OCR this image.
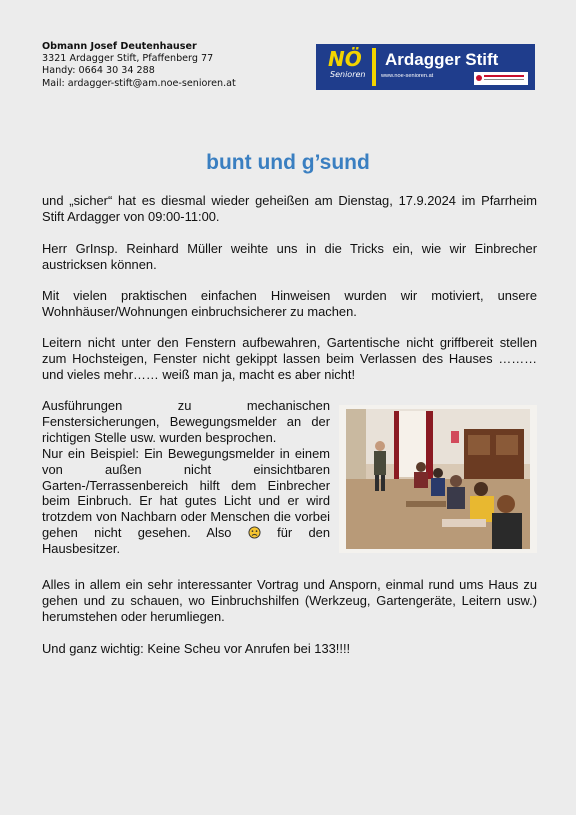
Obmann Josef Deutenhauser
3321 Ardagger Stift, Pfaffenberg 77
Handy: 0664 30 34 288
Mail: ardagger-stift@am.noe-senioren.at
NÖ
Senioren
Ardagger Stift
www.noe-senioren.at
bunt und g’sund

und „sicher“ hat es diesmal wieder geheißen am Dienstag, 17.9.2024 im Pfarrheim Stift Ardagger von 09:00-11:00.

Herr GrInsp. Reinhard Müller weihte uns in die Tricks ein, wie wir Einbrecher austricksen können.

Mit vielen praktischen einfachen Hinweisen wurden wir motiviert, unsere Wohnhäuser/Wohnungen einbruchsicherer zu machen.

Leitern nicht unter den Fenstern aufbewahren, Gartentische nicht griffbereit stellen zum Hochsteigen, Fenster nicht gekippt lassen beim Verlassen des Hauses ……… und vieles mehr…… weiß man ja, macht es aber nicht!

Ausführungen zu mechanischen Fenstersicherungen, Bewegungsmelder an der richtigen Stelle usw. wurden besprochen.

Nur ein Beispiel: Ein Bewegungsmelder in einem von außen nicht einsichtbaren Garten-/Terrassenbereich hilft dem Einbrecher beim Einbruch. Er hat gutes Licht und er wird trotzdem von Nachbarn oder Menschen die vorbei gehen nicht gesehen. Also  für den Hausbesitzer.

Alles in allem ein sehr interessanter Vortrag und Ansporn, einmal rund ums Haus zu gehen und zu schauen, wo Einbruchshilfen (Werkzeug, Gartengeräte, Leitern usw.) herumstehen oder herumliegen.

Und ganz wichtig: Keine Scheu vor Anrufen bei 133!!!!
